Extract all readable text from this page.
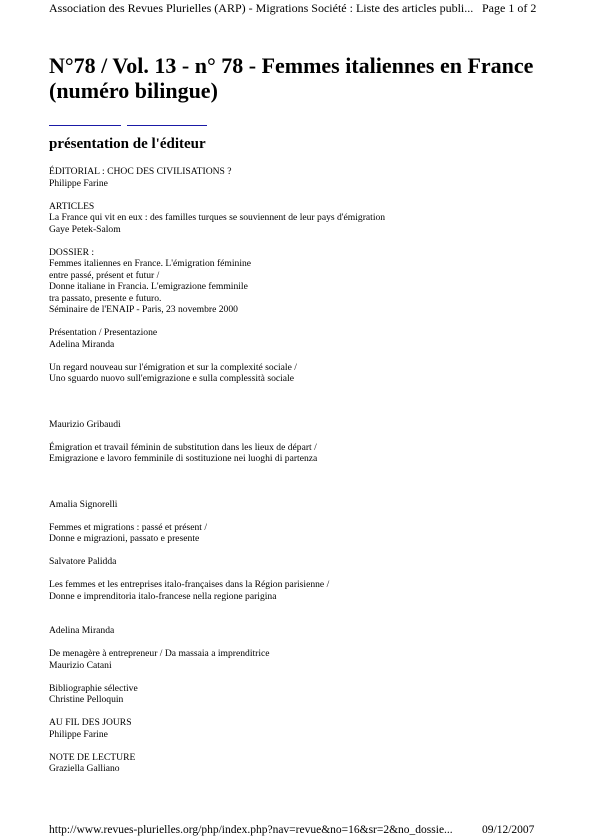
Association des Revues Plurielles (ARP) - Migrations Société : Liste des articles publi... Page 1 of 2
N°78 / Vol. 13 - n° 78 - Femmes italiennes en France (numéro bilingue)
présentation de l'éditeur
ÉDITORIAL : CHOC DES CIVILISATIONS ?
Philippe Farine
ARTICLES
La France qui vit en eux : des familles turques se souviennent de leur pays d'émigration
Gaye Petek-Salom
DOSSIER :
Femmes italiennes en France. L'émigration féminine
entre passé, présent et futur /
Donne italiane in Francia. L'emigrazione femminile
tra passato, presente e futuro.
Séminaire de l'ENAIP - Paris, 23 novembre 2000
Présentation / Presentazione
Adelina Miranda
Un regard nouveau sur l'émigration et sur la complexité sociale /
Uno sguardo nuovo sull'emigrazione e sulla complessità sociale
Maurizio Gribaudi
Émigration et travail féminin de substitution dans les lieux de départ /
Emigrazione e lavoro femminile di sostituzione nei luoghi di partenza
Amalia Signorelli
Femmes et migrations : passé et présent /
Donne e migrazioni, passato e presente
Salvatore Palidda
Les femmes et les entreprises italo-françaises dans la Région parisienne /
Donne e imprenditoria italo-francese nella regione parigina
Adelina Miranda
De menagère à entrepreneur / Da massaia a imprenditrice
Maurizio Catani
Bibliographie sélective
Christine Pelloquin
AU FIL DES JOURS
Philippe Farine
NOTE DE LECTURE
Graziella Galliano
http://www.revues-plurielles.org/php/index.php?nav=revue&no=16&sr=2&no_dossie...	09/12/2007
